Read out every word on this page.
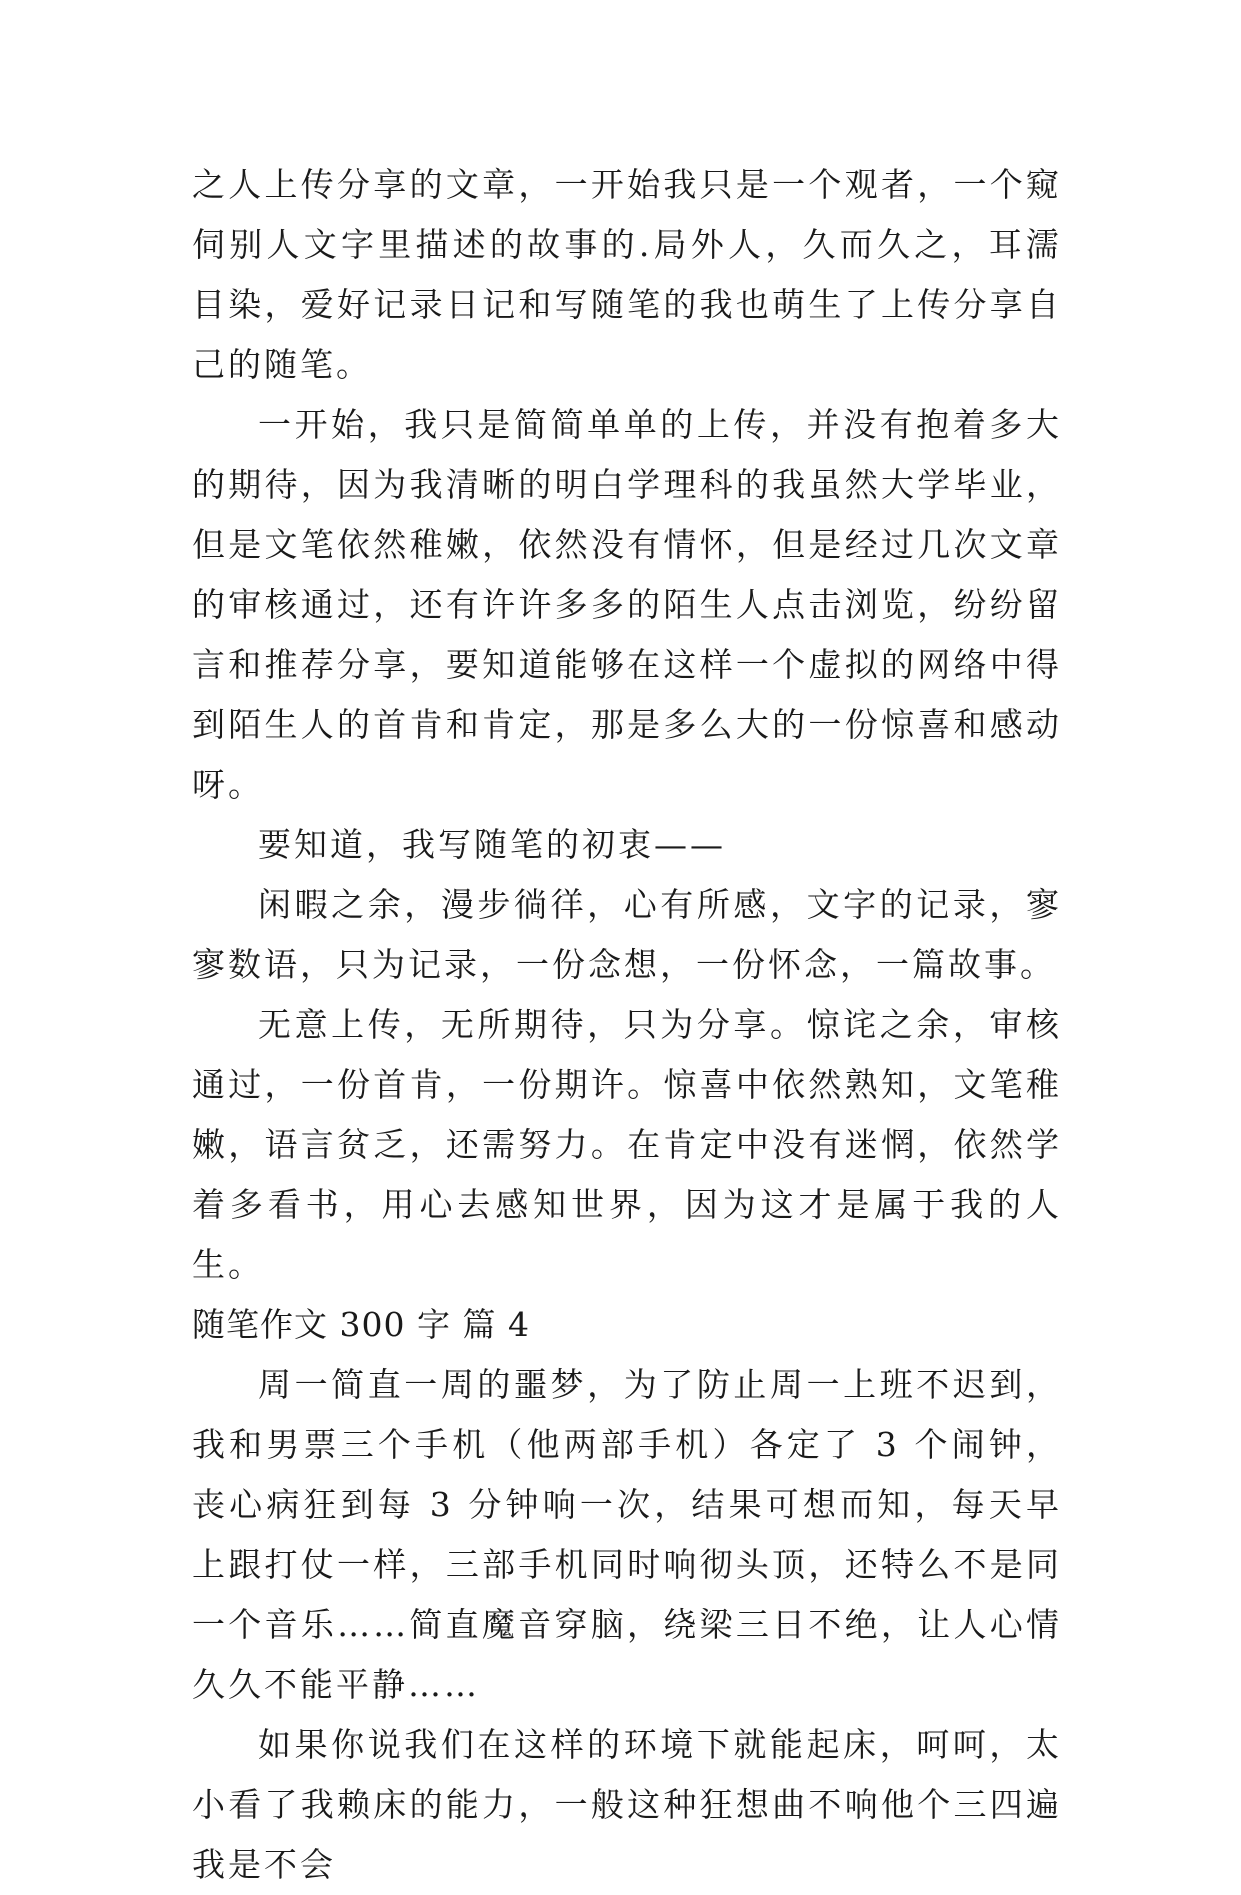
之人上传分享的文章，一开始我只是一个观者，一个窥伺别人文字里描述的故事的.局外人，久而久之，耳濡目染，爱好记录日记和写随笔的我也萌生了上传分享自己的随笔。

一开始，我只是简简单单的上传，并没有抱着多大的期待，因为我清晰的明白学理科的我虽然大学毕业，但是文笔依然稚嫩，依然没有情怀，但是经过几次文章的审核通过，还有许许多多的陌生人点击浏览，纷纷留言和推荐分享，要知道能够在这样一个虚拟的网络中得到陌生人的首肯和肯定，那是多么大的一份惊喜和感动呀。

要知道，我写随笔的初衷——

闲暇之余，漫步徜徉，心有所感，文字的记录，寥寥数语，只为记录，一份念想，一份怀念，一篇故事。

无意上传，无所期待，只为分享。惊诧之余，审核通过，一份首肯，一份期许。惊喜中依然熟知，文笔稚嫩，语言贫乏，还需努力。在肯定中没有迷惘，依然学着多看书，用心去感知世界，因为这才是属于我的人生。

随笔作文 300 字 篇 4

周一简直一周的噩梦，为了防止周一上班不迟到，我和男票三个手机（他两部手机）各定了 3 个闹钟，丧心病狂到每 3 分钟响一次，结果可想而知，每天早上跟打仗一样，三部手机同时响彻头顶，还特么不是同一个音乐……简直魔音穿脑，绕梁三日不绝，让人心情久久不能平静……

如果你说我们在这样的环境下就能起床，呵呵，太小看了我赖床的能力，一般这种狂想曲不响他个三四遍我是不会
